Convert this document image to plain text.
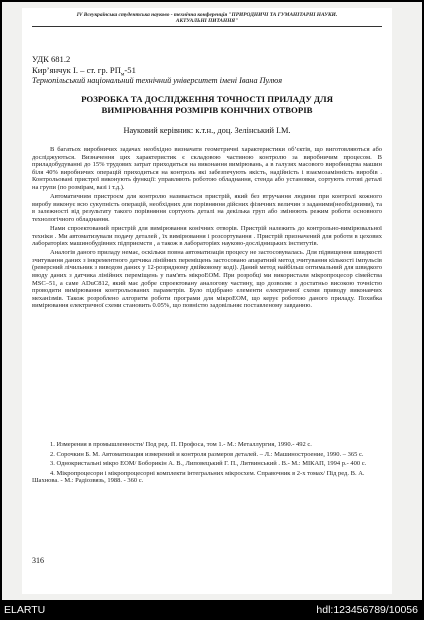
IV Всеукраїнська студентська науково - технічна конференція "ПРИРОДНИЧІ ТА ГУМАНІТАРНІ НАУКИ.
АКТУАЛЬНІ ПИТАННЯ"
УДК 681.2
Кир’янчук І. – ст. гр. $РП_м-51$
Тернопільський національний технічний університет імені Івана Пулюя
РОЗРОБКА ТА ДОСЛІДЖЕННЯ ТОЧНОСТІ ПРИЛАДУ ДЛЯ
ВИМІРЮВАННЯ РОЗМІРІВ КОНІЧНИХ ОТВОРІВ
Науковий керівник: к.т.н., доц. Зелінський І.М.

В багатьох виробничих задачах необхідно визначати геометричні характеристики об’єктів, що виготовляються або досліджуються. Визначення цих характеристик є складовою частиною контролю за виробничим процесом. В приладобудуванні до 15% трудових затрат приходиться на виконання вимірювань, а в галузях масового виробництва машин біля 40% виробничих операцій приходиться на контроль які забезпечують якість, надійність і взаємозамінність виробів . Контрольовані пристрої виконують функції: управляють роботою обладнання, стенда або установки, сортують готові деталі на групи (по розмірам, вазі і т.д.).

Автоматичним пристроєм для контролю називається пристрій, який без втручання людини при контролі кожного виробу виконує всю сукупність операцій, необхідних для порівняння дійсних фізичних величин з заданими(необхідними), та в залежності від результату такого порівняння сортують деталі на декілька груп або змінюють режим роботи основного технологічного обладнання.

Нами спроектований пристрій для вимірювання конічних отворів. Пристрій належить до контрольно-вимірювальної техніки . Ми автоматизували подачу деталей , їх вимірювання і розсортування . Пристрій призначений для роботи в цехових лабораторіях машинобудівних підприємств , а також в лабораторіях науково-дослідницьких інститутів.

Аналогів даного приладу немає, оскільки повна автоматизація процесу не застосовувалась. Для підвищення швидкості зчитування даних з інкрементного датчика лінійних переміщень застосовано апаратний метод зчитування кількості імпульсів (реверсний лічильник з виводом даних у 12-розрядному двійковому коді). Даний метод найбільш оптимальний для швидкого вводу даних з датчика лінійних переміщень у пам'ять мікроЕОМ. При розробці ми використали мікропроцесор сімейства MSC–51, а саме ADuC812, який має добре спроектовану аналогову частину, що дозволяє з достатньо високою точністю проводити вимірювання контрольованих параметрів. Було підібрано елементи електричної схеми приводу виконавчих механізмів. Також розроблено алгоритм роботи програми для мікроЕОМ, що керує роботою даного приладу. Похибка вимірювання електричної схеми становить 0.05%, що повністю задовільняє поставленому завданню.

1. Измерения в промышленности/ Под ред. П. Профоса, том 1.- М.: Металлургия, 1990.- 492 с.
2. Сорочкин Б. М. Автоматизация измерений и контроля размеров деталей. – Л.: Машиностроение, 1990. – 365 с.
3. Однокристальні мікро ЕОМ/ Боборикін А. В., Липовецький Г. П., Литвинський . В.- М.: МІКАП, 1994 р.- 400 с.
4. Мікропроцесори і мікропроцесорні комплекти інтегральних мікросхем. Справочник в 2-х томах/ Під ред. В. А. Шахнова. - М.: Радіозвязь, 1988. - 360 с.
316
ELARTU	hdl:123456789/10056
